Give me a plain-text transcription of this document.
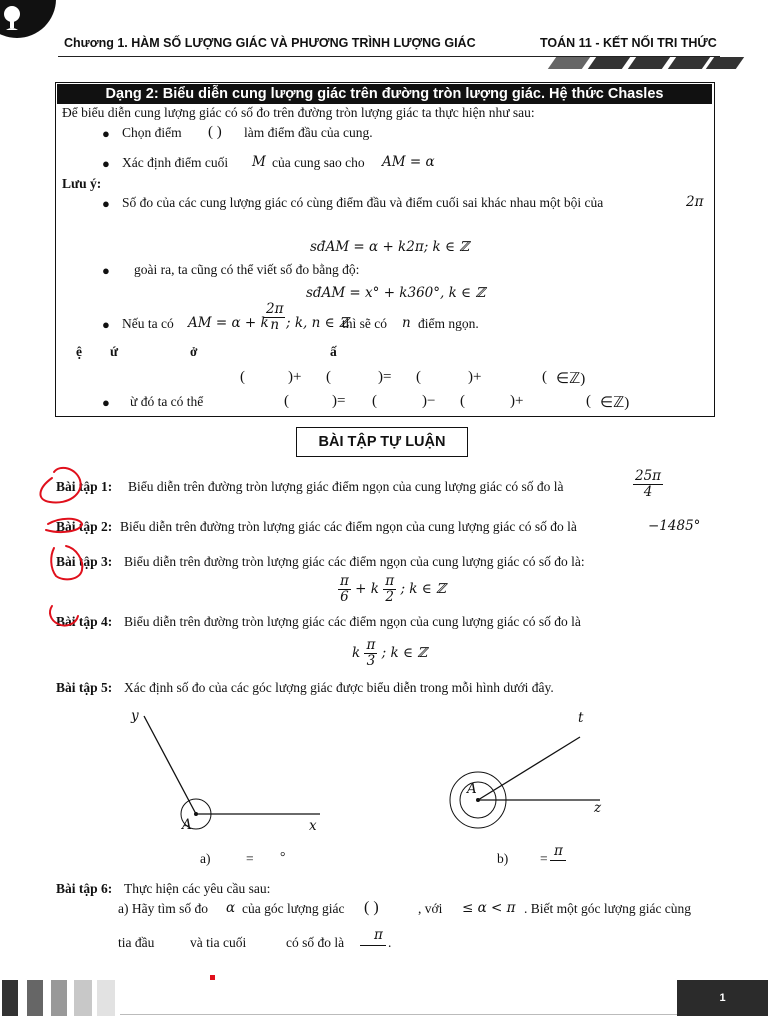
Chương 1. HÀM SỐ LƯỢNG GIÁC VÀ PHƯƠNG TRÌNH LƯỢNG GIÁC	TOÁN 11 - KẾT NỐI TRI THỨC
Dạng 2: Biểu diễn cung lượng giác trên đường tròn lượng giác. Hệ thức Chasles
Để biểu diễn cung lượng giác có số đo trên đường tròn lượng giác ta thực hiện như sau:
● Chọn điểm ( ) làm điểm đầu của cung.
● Xác định điểm cuối M của cung sao cho AM = α
Lưu ý:
● Số đo của các cung lượng giác có cùng điểm đầu và điểm cuối sai khác nhau một bội của	2π
sđAM = α + k2π; k ∈ ℤ
● goài ra, ta cũng có thể viết số đo bằng độ:
sđAM = x° + k360°, k ∈ ℤ
● Nếu ta có AM = α + k
$\frac{2\pi}{n}$ ; k, n ∈ ℤ
thì sẽ có n điểm ngọn.
ệ ứ	ở	ấ
(	)+ (	)= (	)+	( ∈ℤ)
● ừ đó ta có thể	(	)= (	)− (	)+	( ∈ℤ)
BÀI TẬP TỰ LUẬN
Bài tập 1: Biểu diễn trên đường tròn lượng giác điểm ngọn của cung lượng giác có số đo là	$\frac{25\pi}{4}$
Bài tập 2: Biểu diễn trên đường tròn lượng giác các điểm ngọn của cung lượng giác có số đo là	−1485°
Bài tập 3: Biểu diễn trên đường tròn lượng giác các điểm ngọn của cung lượng giác có số đo là:
$\frac{\pi}{6} + k \frac{\pi}{2}$ ; k ∈ ℤ
Bài tập 4: Biểu diễn trên đường tròn lượng giác các điểm ngọn của cung lượng giác có số đo là
k $\frac{\pi}{3}$ ; k ∈ ℤ
Bài tập 5: Xác định số đo của các góc lượng giác được biểu diễn trong mỗi hình dưới đây.
y
x
A
a)	= °
t
z
A
b) = π
Bài tập 6: Thực hiện các yêu cầu sau:
a) Hãy tìm số đo α của góc lượng giác ( )	, với ≤ α < π . Biết một góc lượng giác cùng
tia đầu	và tia cuối	có số đo là π .
1
